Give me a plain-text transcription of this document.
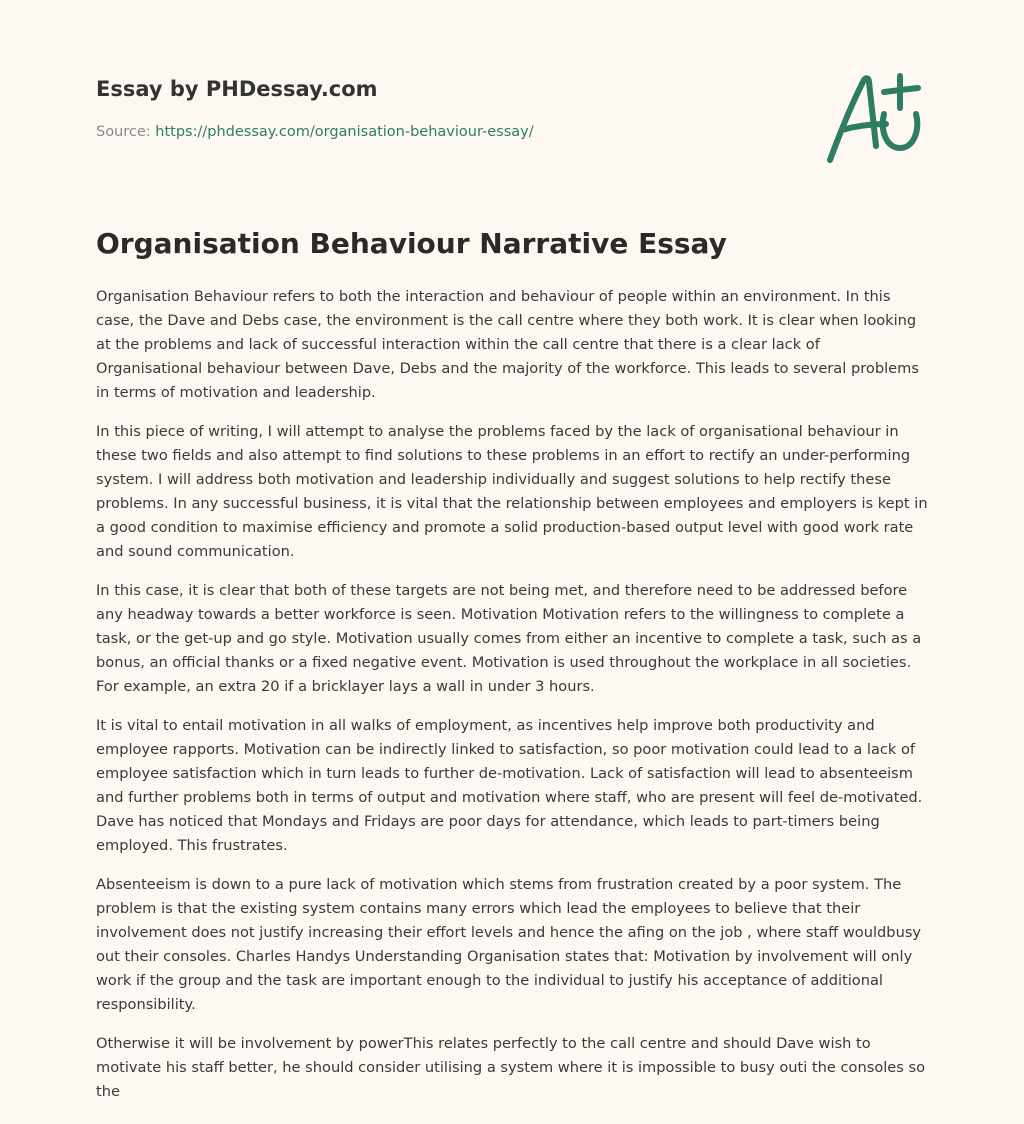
Essay by PHDessay.com
Source: https://phdessay.com/organisation-behaviour-essay/
Organisation Behaviour Narrative Essay

Organisation Behaviour refers to both the interaction and behaviour of people within an environment. In this case, the Dave and Debs case, the environment is the call centre where they both work. It is clear when looking at the problems and lack of successful interaction within the call centre that there is a clear lack of Organisational behaviour between Dave, Debs and the majority of the workforce. This leads to several problems in terms of motivation and leadership.

In this piece of writing, I will attempt to analyse the problems faced by the lack of organisational behaviour in these two fields and also attempt to find solutions to these problems in an effort to rectify an under-performing system. I will address both motivation and leadership individually and suggest solutions to help rectify these problems. In any successful business, it is vital that the relationship between employees and employers is kept in a good condition to maximise efficiency and promote a solid production-based output level with good work rate and sound communication.

In this case, it is clear that both of these targets are not being met, and therefore need to be addressed before any headway towards a better workforce is seen. Motivation Motivation refers to the willingness to complete a task, or the get-up and go style. Motivation usually comes from either an incentive to complete a task, such as a bonus, an official thanks or a fixed negative event. Motivation is used throughout the workplace in all societies. For example, an extra 20 if a bricklayer lays a wall in under 3 hours.

It is vital to entail motivation in all walks of employment, as incentives help improve both productivity and employee rapports. Motivation can be indirectly linked to satisfaction, so poor motivation could lead to a lack of employee satisfaction which in turn leads to further de-motivation. Lack of satisfaction will lead to absenteeism and further problems both in terms of output and motivation where staff, who are present will feel de-motivated. Dave has noticed that Mondays and Fridays are poor days for attendance, which leads to part-timers being employed. This frustrates.

Absenteeism is down to a pure lack of motivation which stems from frustration created by a poor system. The problem is that the existing system contains many errors which lead the employees to believe that their involvement does not justify increasing their effort levels and hence the afing on the job , where staff wouldbusy out their consoles. Charles Handys Understanding Organisation states that: Motivation by involvement will only work if the group and the task are important enough to the individual to justify his acceptance of additional responsibility.

Otherwise it will be involvement by powerThis relates perfectly to the call centre and should Dave wish to motivate his staff better, he should consider utilising a system where it is impossible to busy outi the consoles so the
